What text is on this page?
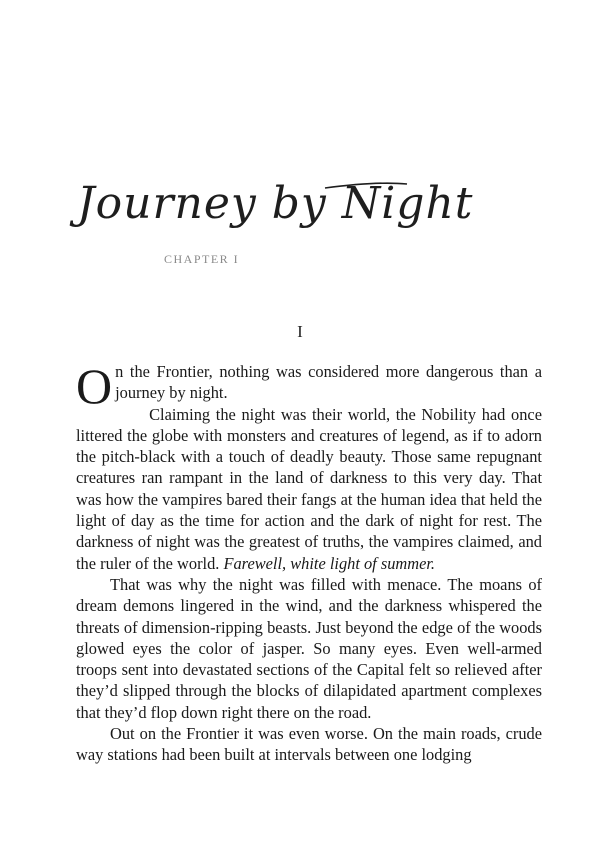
Journey by Night
CHAPTER I
I

On the Frontier, nothing was considered more dangerous than a journey by night.

Claiming the night was their world, the Nobility had once littered the globe with monsters and creatures of legend, as if to adorn the pitch-black with a touch of deadly beauty. Those same repugnant creatures ran rampant in the land of darkness to this very day. That was how the vampires bared their fangs at the human idea that held the light of day as the time for action and the dark of night for rest. The darkness of night was the greatest of truths, the vampires claimed, and the ruler of the world. Farewell, white light of summer.

That was why the night was filled with menace. The moans of dream demons lingered in the wind, and the darkness whispered the threats of dimension-ripping beasts. Just beyond the edge of the woods glowed eyes the color of jasper. So many eyes. Even well-armed troops sent into devastated sections of the Capital felt so relieved after they’d slipped through the blocks of dilapidated apartment complexes that they’d flop down right there on the road.

Out on the Frontier it was even worse. On the main roads, crude way stations had been built at intervals between one lodging
